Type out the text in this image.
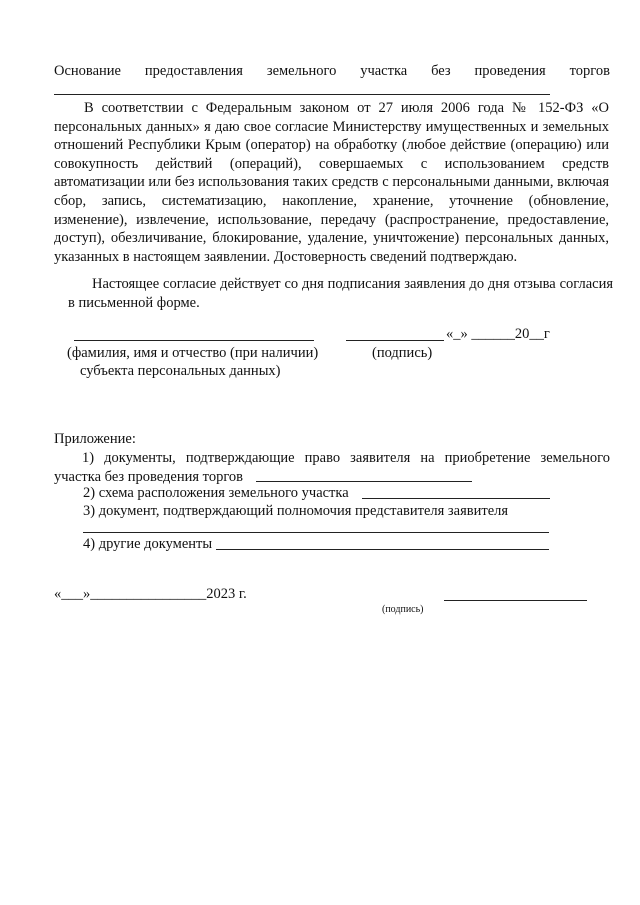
Основание предоставления земельного участка без проведения торгов
В соответствии с Федеральным законом от 27 июля 2006 года № 152-ФЗ «О персональных данных» я даю свое согласие Министерству имущественных и земельных отношений Республики Крым (оператор) на обработку (любое действие (операцию) или совокупность действий (операций), совершаемых с использованием средств автоматизации или без использования таких средств с персональными данными, включая сбор, запись, систематизацию, накопление, хранение, уточнение (обновление, изменение), извлечение, использование, передачу (распространение, предоставление, доступ), обезличивание, блокирование, удаление, уничтожение) персональных данных, указанных в настоящем заявлении. Достоверность сведений подтверждаю.
Настоящее согласие действует со дня подписания заявления до дня отзыва согласия в письменной форме.
«_» ______20__г
(фамилия, имя и отчество (при наличии)	(подпись)
субъекта персональных данных)
Приложение:
1) документы, подтверждающие право заявителя на приобретение земельного участка без проведения торгов
2) схема расположения земельного участка
3) документ, подтверждающий полномочия представителя заявителя
4) другие документы
«___»________________2023 г.
(подпись)
